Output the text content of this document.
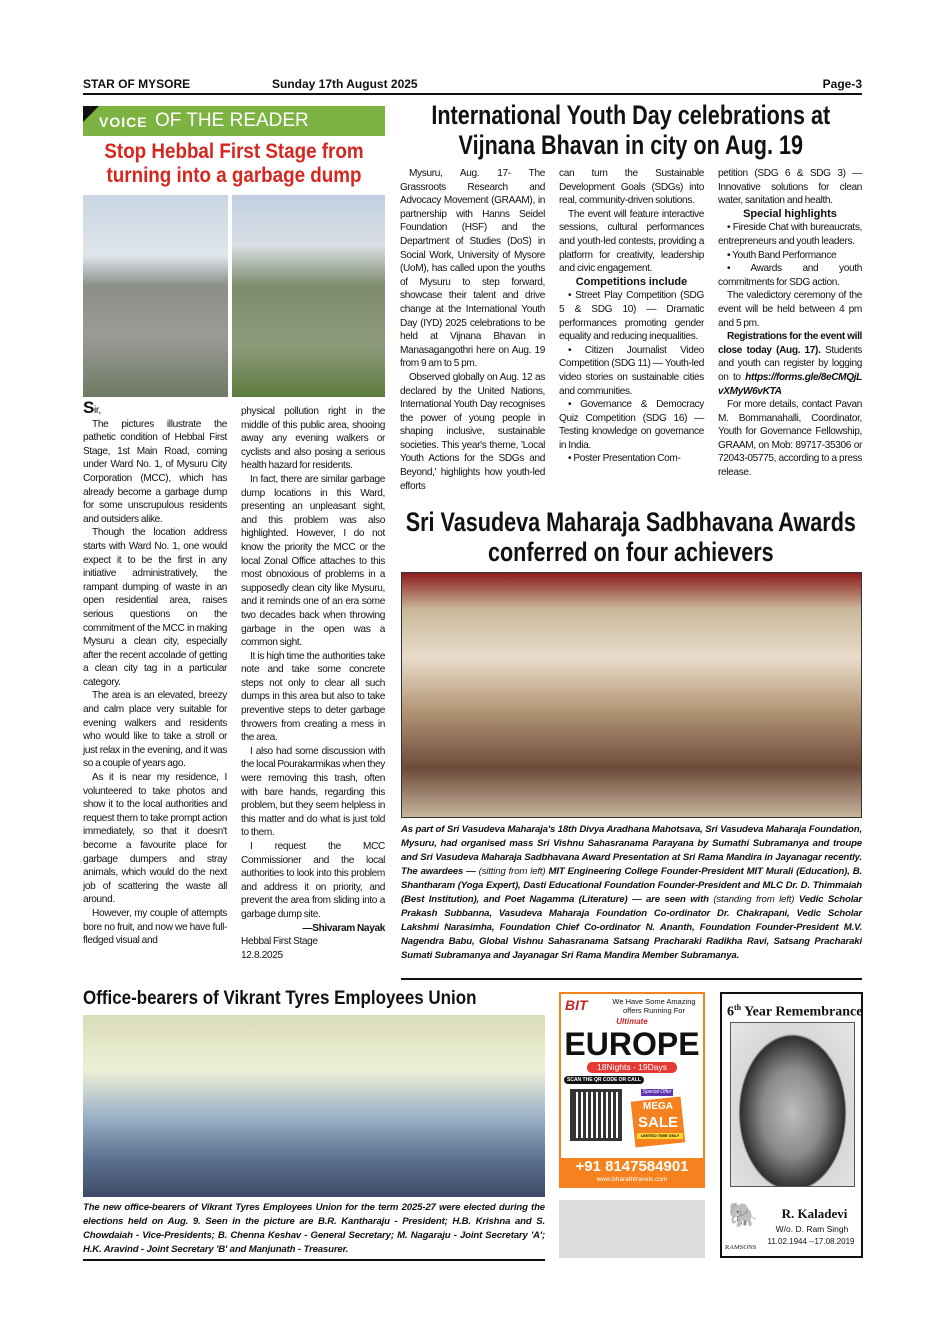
STAR OF MYSORE	Sunday 17th August 2025	Page-3
VOICE OF THE READER
Stop Hebbal First Stage from turning into a garbage dump

Sir,

The pictures illustrate the pathetic condition of Hebbal First Stage, 1st Main Road, coming under Ward No. 1, of Mysuru City Corporation (MCC), which has already become a garbage dump for some unscrupulous residents and outsiders alike.

Though the location address starts with Ward No. 1, one would expect it to be the first in any initiative administratively, the rampant dumping of waste in an open residential area, raises serious questions on the commitment of the MCC in making Mysuru a clean city, especially after the recent accolade of getting a clean city tag in a particular category.

The area is an elevated, breezy and calm place very suitable for evening walkers and residents who would like to take a stroll or just relax in the evening, and it was so a couple of years ago.

As it is near my residence, I volunteered to take photos and show it to the local authorities and request them to take prompt action immediately, so that it doesn't become a favourite place for garbage dumpers and stray animals, which would do the next job of scattering the waste all around.

However, my couple of attempts bore no fruit, and now we have full-fledged visual and

physical pollution right in the middle of this public area, shooing away any evening walkers or cyclists and also posing a serious health hazard for residents.

In fact, there are similar garbage dump locations in this Ward, presenting an unpleasant sight, and this problem was also highlighted. However, I do not know the priority the MCC or the local Zonal Office attaches to this most obnoxious of problems in a supposedly clean city like Mysuru, and it reminds one of an era some two decades back when throwing garbage in the open was a common sight.

It is high time the authorities take note and take some concrete steps not only to clear all such dumps in this area but also to take preventive steps to deter garbage throwers from creating a mess in the area.

I also had some discussion with the local Pourakarmikas when they were removing this trash, often with bare hands, regarding this problem, but they seem helpless in this matter and do what is just told to them.

I request the MCC Commissioner and the local authorities to look into this problem and address it on priority, and prevent the area from sliding into a garbage dump site.

—Shivaram Nayak

Hebbal First Stage

12.8.2025

International Youth Day celebrations at Vijnana Bhavan in city on Aug. 19

Mysuru, Aug. 17- The Grassroots Research and Advocacy Movement (GRAAM), in partnership with Hanns Seidel Foundation (HSF) and the Department of Studies (DoS) in Social Work, University of Mysore (UoM), has called upon the youths of Mysuru to step forward, showcase their talent and drive change at the International Youth Day (IYD) 2025 celebrations to be held at Vijnana Bhavan in Manasagangothri here on Aug. 19 from 9 am to 5 pm.

Observed globally on Aug. 12 as declared by the United Nations, International Youth Day recognises the power of young people in shaping inclusive, sustainable societies. This year's theme, 'Local Youth Actions for the SDGs and Beyond,' highlights how youth-led efforts

can turn the Sustainable Development Goals (SDGs) into real, community-driven solutions.

The event will feature interactive sessions, cultural performances and youth-led contests, providing a platform for creativity, leadership and civic engagement.

Competitions include

• Street Play Competition (SDG 5 & SDG 10) — Dramatic performances promoting gender equality and reducing inequalities.

• Citizen Journalist Video Competition (SDG 11) — Youth-led video stories on sustainable cities and communities.

• Governance & Democracy Quiz Competition (SDG 16) — Testing knowledge on governance in India.

• Poster Presentation Com-

petition (SDG 6 & SDG 3) — Innovative solutions for clean water, sanitation and health.

Special highlights

• Fireside Chat with bureaucrats, entrepreneurs and youth leaders.

• Youth Band Performance

• Awards and youth commitments for SDG action.

The valedictory ceremony of the event will be held between 4 pm and 5 pm.

Registrations for the event will close today (Aug. 17). Students and youth can register by logging on to https://forms.gle/8eCMQjLvXMyW6vKTA

For more details, contact Pavan M. Bommanahalli, Coordinator, Youth for Governance Fellowship, GRAAM, on Mob: 89717-35306 or 72043-05775, according to a press release.

Sri Vasudeva Maharaja Sadbhavana Awards conferred on four achievers
As part of Sri Vasudeva Maharaja's 18th Divya Aradhana Mahotsava, Sri Vasudeva Maharaja Foundation, Mysuru, had organised mass Sri Vishnu Sahasranama Parayana by Sumathi Subramanya and troupe and Sri Vasudeva Maharaja Sadbhavana Award Presentation at Sri Rama Mandira in Jayanagar recently. The awardees — (sitting from left) MIT Engineering College Founder-President MIT Murali (Education), B. Shantharam (Yoga Expert), Dasti Educational Foundation Founder-President and MLC Dr. D. Thimmaiah (Best Institution), and Poet Nagamma (Literature) — are seen with (standing from left) Vedic Scholar Prakash Subbanna, Vasudeva Maharaja Foundation Co-ordinator Dr. Chakrapani, Vedic Scholar Lakshmi Narasimha, Foundation Chief Co-ordinator N. Ananth, Foundation Founder-President M.V. Nagendra Babu, Global Vishnu Sahasranama Satsang Pracharaki Radikha Ravi, Satsang Pracharaki Sumati Subramanya and Jayanagar Sri Rama Mandira Member Subramanya.
Office-bearers of Vikrant Tyres Employees Union
The new office-bearers of Vikrant Tyres Employees Union for the term 2025-27 were elected during the elections held on Aug. 9. Seen in the picture are B.R. Kantharaju - President; H.B. Krishna and S. Chowdaiah - Vice-Presidents; B. Chenna Keshav - General Secretary; M. Nagaraju - Joint Secretary 'A'; H.K. Aravind - Joint Secretary 'B' and Manjunath - Treasurer.
BIT	We Have Some Amazing offers Running For
Ultimate
EUROPE
18Nights - 19Days
SCAN THE QR CODE OR CALL
Special Offer
MEGA
SALE
LIMITED TIME ONLY
+91 8147584901
www.bharathtravels.com
6th Year Remembrance
🐘
RAMSONS
R. Kaladevi
W/o. D. Ram Singh
11.02.1944 --17.08.2019
